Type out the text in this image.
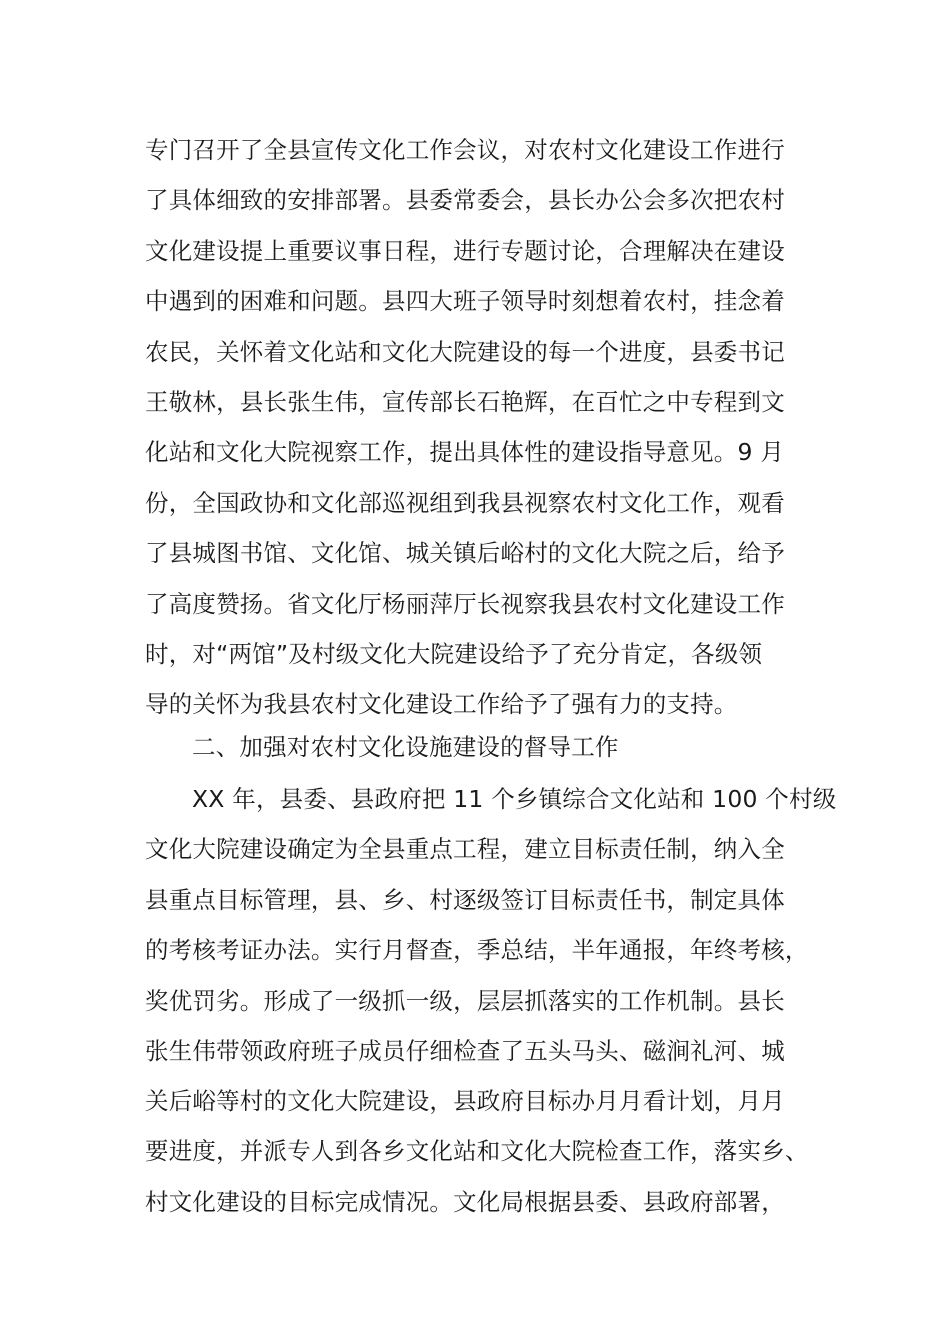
专门召开了全县宣传文化工作会议，对农村文化建设工作进行
了具体细致的安排部署。县委常委会，县长办公会多次把农村
文化建设提上重要议事日程，进行专题讨论，合理解决在建设
中遇到的困难和问题。县四大班子领导时刻想着农村，挂念着
农民，关怀着文化站和文化大院建设的每一个进度，县委书记
王敬林，县长张生伟，宣传部长石艳辉，在百忙之中专程到文
化站和文化大院视察工作，提出具体性的建设指导意见。9 月
份，全国政协和文化部巡视组到我县视察农村文化工作，观看
了县城图书馆、文化馆、城关镇后峪村的文化大院之后，给予
了高度赞扬。省文化厅杨丽萍厅长视察我县农村文化建设工作
时，对“两馆”及村级文化大院建设给予了充分肯定，各级领
导的关怀为我县农村文化建设工作给予了强有力的支持。
二、加强对农村文化设施建设的督导工作
XX 年，县委、县政府把 11 个乡镇综合文化站和 100 个村级
文化大院建设确定为全县重点工程，建立目标责任制，纳入全
县重点目标管理，县、乡、村逐级签订目标责任书，制定具体
的考核考证办法。实行月督查，季总结，半年通报，年终考核，
奖优罚劣。形成了一级抓一级，层层抓落实的工作机制。县长
张生伟带领政府班子成员仔细检查了五头马头、磁涧礼河、城
关后峪等村的文化大院建设，县政府目标办月月看计划，月月
要进度，并派专人到各乡文化站和文化大院检查工作，落实乡、
村文化建设的目标完成情况。文化局根据县委、县政府部署，
